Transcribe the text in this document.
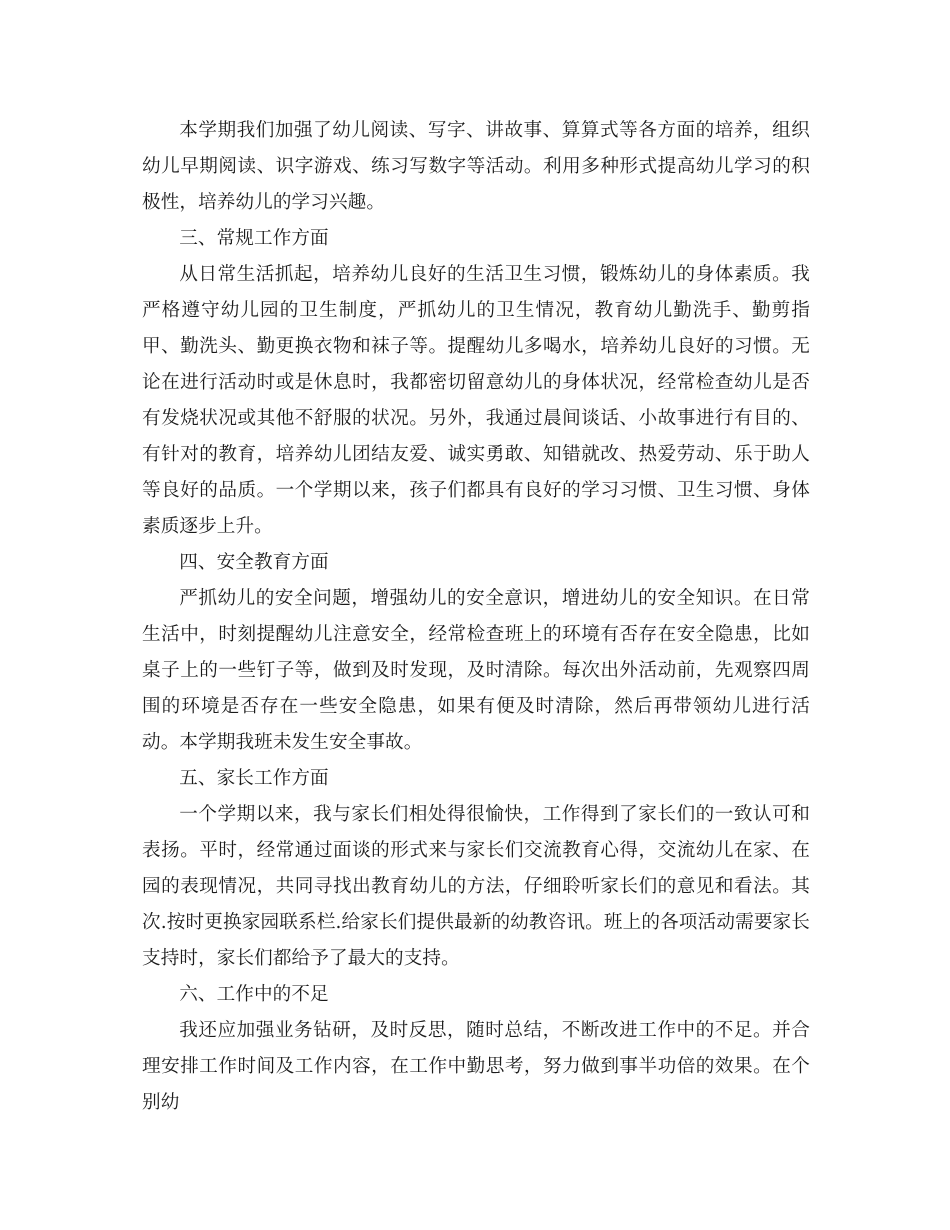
本学期我们加强了幼儿阅读、写字、讲故事、算算式等各方面的培养，组织幼儿早期阅读、识字游戏、练习写数字等活动。利用多种形式提高幼儿学习的积极性，培养幼儿的学习兴趣。

三、常规工作方面

从日常生活抓起，培养幼儿良好的生活卫生习惯，锻炼幼儿的身体素质。我严格遵守幼儿园的卫生制度，严抓幼儿的卫生情况，教育幼儿勤洗手、勤剪指甲、勤洗头、勤更换衣物和袜子等。提醒幼儿多喝水，培养幼儿良好的习惯。无论在进行活动时或是休息时，我都密切留意幼儿的身体状况，经常检查幼儿是否有发烧状况或其他不舒服的状况。另外，我通过晨间谈话、小故事进行有目的、有针对的教育，培养幼儿团结友爱、诚实勇敢、知错就改、热爱劳动、乐于助人等良好的品质。一个学期以来，孩子们都具有良好的学习习惯、卫生习惯、身体素质逐步上升。

四、安全教育方面

严抓幼儿的安全问题，增强幼儿的安全意识，增进幼儿的安全知识。在日常生活中，时刻提醒幼儿注意安全，经常检查班上的环境有否存在安全隐患，比如桌子上的一些钉子等，做到及时发现，及时清除。每次出外活动前，先观察四周围的环境是否存在一些安全隐患，如果有便及时清除，然后再带领幼儿进行活动。本学期我班未发生安全事故。

五、家长工作方面

一个学期以来，我与家长们相处得很愉快，工作得到了家长们的一致认可和表扬。平时，经常通过面谈的形式来与家长们交流教育心得，交流幼儿在家、在园的表现情况，共同寻找出教育幼儿的方法，仔细聆听家长们的意见和看法。其次.按时更换家园联系栏.给家长们提供最新的幼教咨讯。班上的各项活动需要家长支持时，家长们都给予了最大的支持。

六、工作中的不足

我还应加强业务钻研，及时反思，随时总结，不断改进工作中的不足。并合理安排工作时间及工作内容，在工作中勤思考，努力做到事半功倍的效果。在个别幼
